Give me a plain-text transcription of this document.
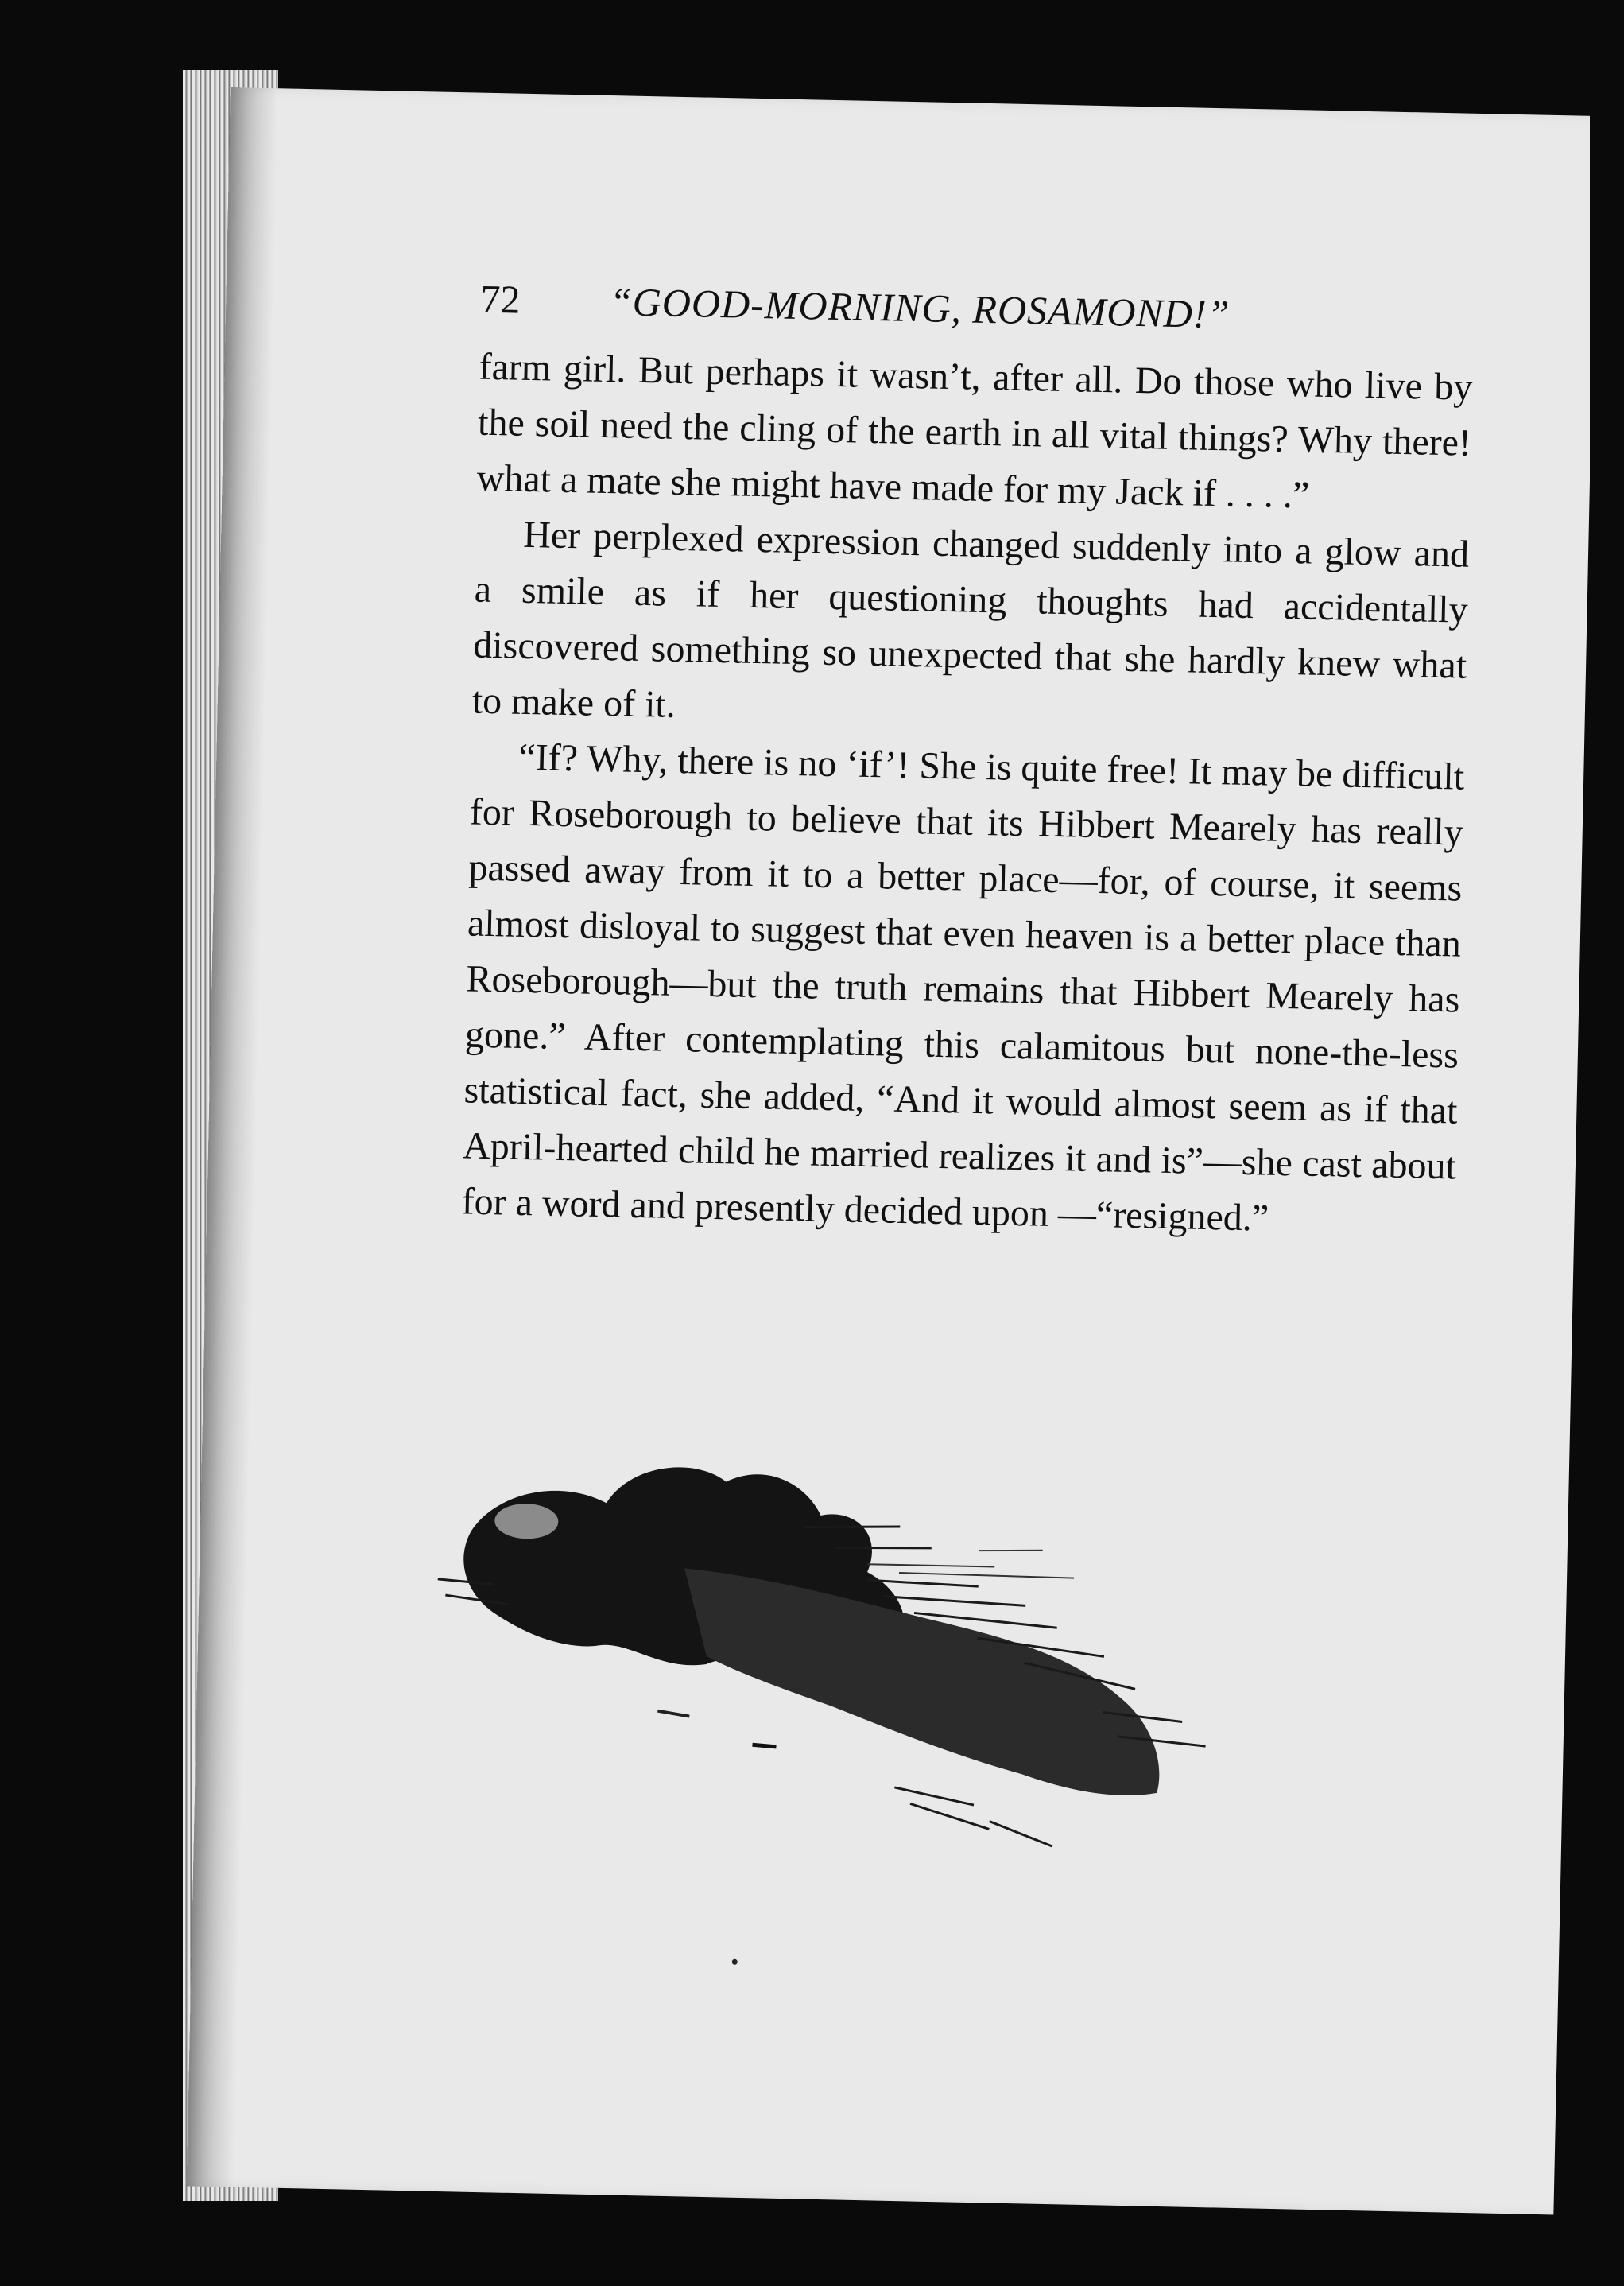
72 “GOOD-MORNING, ROSAMOND!”

farm girl. But perhaps it wasn’t, after all. Do those who live by the soil need the cling of the earth in all vital things? Why there! what a mate she might have made for my Jack if . . . .”

Her perplexed expression changed suddenly into a glow and a smile as if her questioning thoughts had accidentally discovered something so unexpected that she hardly knew what to make of it.

“If? Why, there is no ‘if’! She is quite free! It may be difficult for Roseborough to believe that its Hibbert Mearely has really passed away from it to a better place—for, of course, it seems almost disloyal to suggest that even heaven is a better place than Roseborough—but the truth remains that Hibbert Mearely has gone.” After contemplating this calamitous but none-the-less statistical fact, she added, “And it would almost seem as if that April-hearted child he married realizes it and is”—she cast about for a word and presently decided upon —“resigned.”
